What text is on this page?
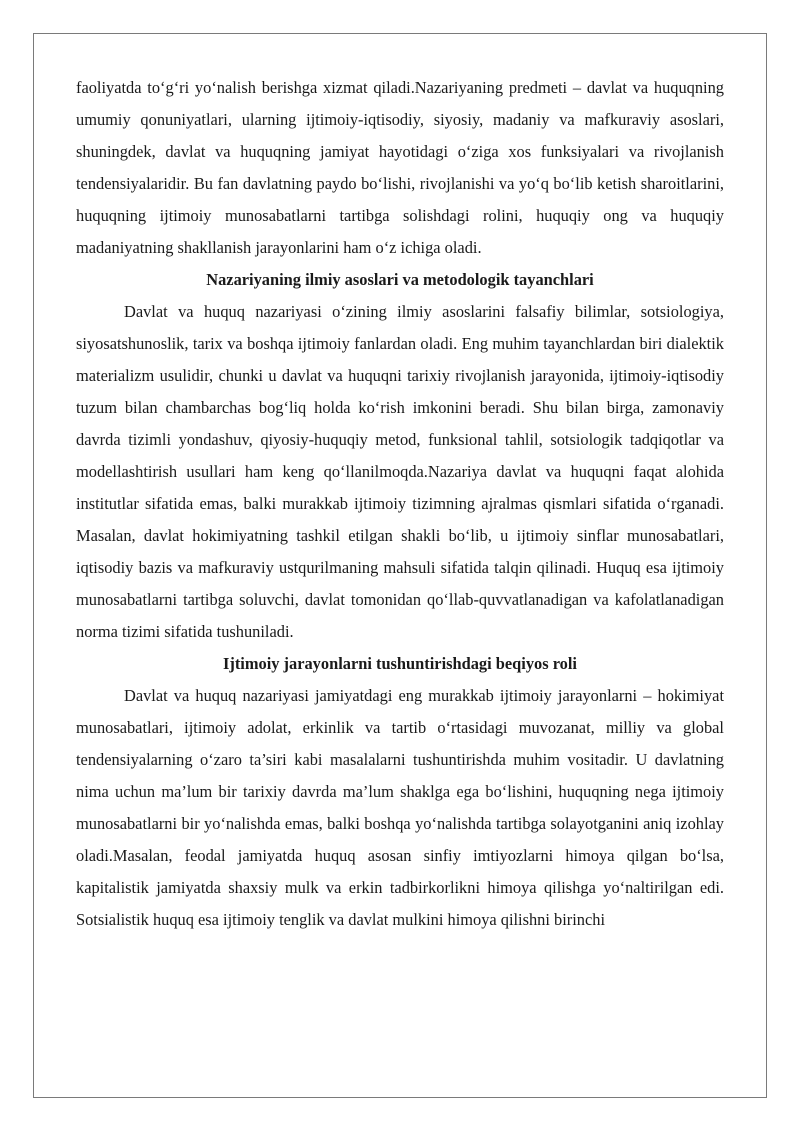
faoliyatda to‘g‘ri yo‘nalish berishga xizmat qiladi.Nazariyaning predmeti – davlat va huquqning umumiy qonuniyatlari, ularning ijtimoiy-iqtisodiy, siyosiy, madaniy va mafkuraviy asoslari, shuningdek, davlat va huquqning jamiyat hayotidagi o‘ziga xos funksiyalari va rivojlanish tendensiyalaridir. Bu fan davlatning paydo bo‘lishi, rivojlanishi va yo‘q bo‘lib ketish sharoitlarini, huquqning ijtimoiy munosabatlarni tartibga solishdagi rolini, huquqiy ong va huquqiy madaniyatning shakllanish jarayonlarini ham o‘z ichiga oladi.

Nazariyaning ilmiy asoslari va metodologik tayanchlari

Davlat va huquq nazariyasi o‘zining ilmiy asoslarini falsafiy bilimlar, sotsiologiya, siyosatshunoslik, tarix va boshqa ijtimoiy fanlardan oladi. Eng muhim tayanchlardan biri dialektik materializm usulidir, chunki u davlat va huquqni tarixiy rivojlanish jarayonida, ijtimoiy-iqtisodiy tuzum bilan chambarchas bog‘liq holda ko‘rish imkonini beradi. Shu bilan birga, zamonaviy davrda tizimli yondashuv, qiyosiy-huquqiy metod, funksional tahlil, sotsiologik tadqiqotlar va modellashtirish usullari ham keng qo‘llanilmoqda.Nazariya davlat va huquqni faqat alohida institutlar sifatida emas, balki murakkab ijtimoiy tizimning ajralmas qismlari sifatida o‘rganadi. Masalan, davlat hokimiyatning tashkil etilgan shakli bo‘lib, u ijtimoiy sinflar munosabatlari, iqtisodiy bazis va mafkuraviy ustqurilmaning mahsuli sifatida talqin qilinadi. Huquq esa ijtimoiy munosabatlarni tartibga soluvchi, davlat tomonidan qo‘llab-quvvatlanadigan va kafolatlanadigan norma tizimi sifatida tushuniladi.

Ijtimoiy jarayonlarni tushuntirishdagi beqiyos roli

Davlat va huquq nazariyasi jamiyatdagi eng murakkab ijtimoiy jarayonlarni – hokimiyat munosabatlari, ijtimoiy adolat, erkinlik va tartib o‘rtasidagi muvozanat, milliy va global tendensiyalarning o‘zaro ta’siri kabi masalalarni tushuntirishda muhim vositadir. U davlatning nima uchun ma’lum bir tarixiy davrda ma’lum shaklga ega bo‘lishini, huquqning nega ijtimoiy munosabatlarni bir yo‘nalishda emas, balki boshqa yo‘nalishda tartibga solayotganini aniq izohlay oladi.Masalan, feodal jamiyatda huquq asosan sinfiy imtiyozlarni himoya qilgan bo‘lsa, kapitalistik jamiyatda shaxsiy mulk va erkin tadbirkorlikni himoya qilishga yo‘naltirilgan edi. Sotsialistik huquq esa ijtimoiy tenglik va davlat mulkini himoya qilishni birinchi
